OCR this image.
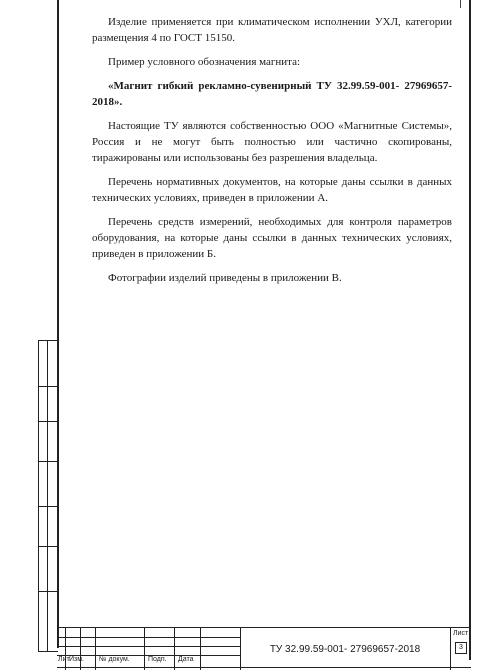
Изделие применяется при климатическом исполнении УХЛ, категории размещения 4 по ГОСТ 15150.

Пример условного обозначения магнита:

«Магнит гибкий рекламно-сувенирный ТУ 32.99.59-001- 27969657-2018».

Настоящие ТУ являются собственностью ООО «Магнитные Системы», Россия и не могут быть полностью или частично скопированы, тиражированы или использованы без разрешения владельца.

Перечень нормативных документов, на которые даны ссылки в данных технических условиях, приведен в приложении А.

Перечень средств измерений, необходимых для контроля параметров оборудования, на которые даны ссылки в данных технических условиях, приведен в приложении Б.

Фотографии изделий приведены в приложении В.

Лит Изм. № докум.	Подп. Дата
ТУ 32.99.59-001- 27969657-2018
Лист
3
